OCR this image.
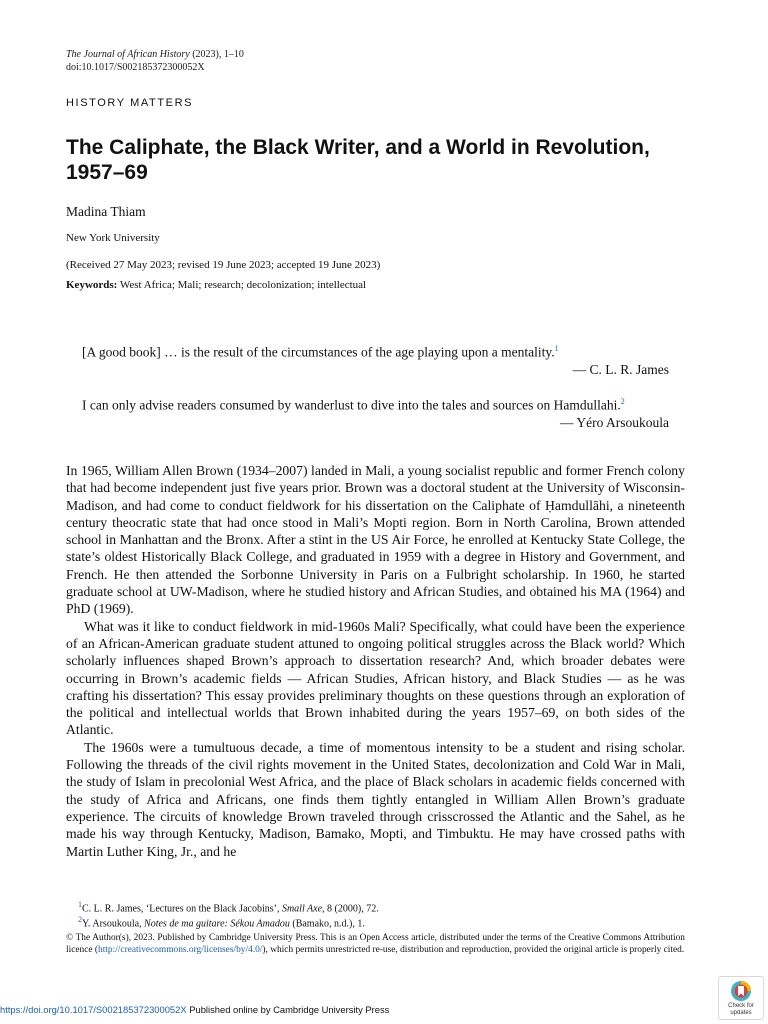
The Journal of African History (2023), 1–10
doi:10.1017/S002185372300052X
HISTORY MATTERS
The Caliphate, the Black Writer, and a World in Revolution, 1957–69
Madina Thiam
New York University
(Received 27 May 2023; revised 19 June 2023; accepted 19 June 2023)
Keywords: West Africa; Mali; research; decolonization; intellectual
[A good book] … is the result of the circumstances of the age playing upon a mentality.$^1$
— C. L. R. James
I can only advise readers consumed by wanderlust to dive into the tales and sources on Hamdullahi.$^2$
— Yéro Arsoukoula

In 1965, William Allen Brown (1934–2007) landed in Mali, a young socialist republic and former French colony that had become independent just five years prior. Brown was a doctoral student at the University of Wisconsin-Madison, and had come to conduct fieldwork for his dissertation on the Caliphate of Ḥamdullāhi, a nineteenth century theocratic state that had once stood in Mali’s Mopti region. Born in North Carolina, Brown attended school in Manhattan and the Bronx. After a stint in the US Air Force, he enrolled at Kentucky State College, the state’s oldest Historically Black College, and graduated in 1959 with a degree in History and Government, and French. He then attended the Sorbonne University in Paris on a Fulbright scholarship. In 1960, he started graduate school at UW-Madison, where he studied history and African Studies, and obtained his MA (1964) and PhD (1969).

What was it like to conduct fieldwork in mid-1960s Mali? Specifically, what could have been the experience of an African-American graduate student attuned to ongoing political struggles across the Black world? Which scholarly influences shaped Brown’s approach to dissertation research? And, which broader debates were occurring in Brown’s academic fields — African Studies, African history, and Black Studies — as he was crafting his dissertation? This essay provides preliminary thoughts on these questions through an exploration of the political and intellectual worlds that Brown inhabited during the years 1957–69, on both sides of the Atlantic.

The 1960s were a tumultuous decade, a time of momentous intensity to be a student and rising scholar. Following the threads of the civil rights movement in the United States, decolonization and Cold War in Mali, the study of Islam in precolonial West Africa, and the place of Black scholars in academic fields concerned with the study of Africa and Africans, one finds them tightly entangled in William Allen Brown’s graduate experience. The circuits of knowledge Brown traveled through crisscrossed the Atlantic and the Sahel, as he made his way through Kentucky, Madison, Bamako, Mopti, and Timbuktu. He may have crossed paths with Martin Luther King, Jr., and he

$^1$C. L. R. James, ‘Lectures on the Black Jacobins’, Small Axe, 8 (2000), 72.
$^2$Y. Arsoukoula, Notes de ma guitare: Sékou Amadou (Bamako, n.d.), 1.
© The Author(s), 2023. Published by Cambridge University Press. This is an Open Access article, distributed under the terms of the Creative Commons Attribution licence (http://creativecommons.org/licenses/by/4.0/), which permits unrestricted re-use, distribution and reproduction, provided the original article is properly cited.
https://doi.org/10.1017/S002185372300052X Published online by Cambridge University Press	Check for updates
